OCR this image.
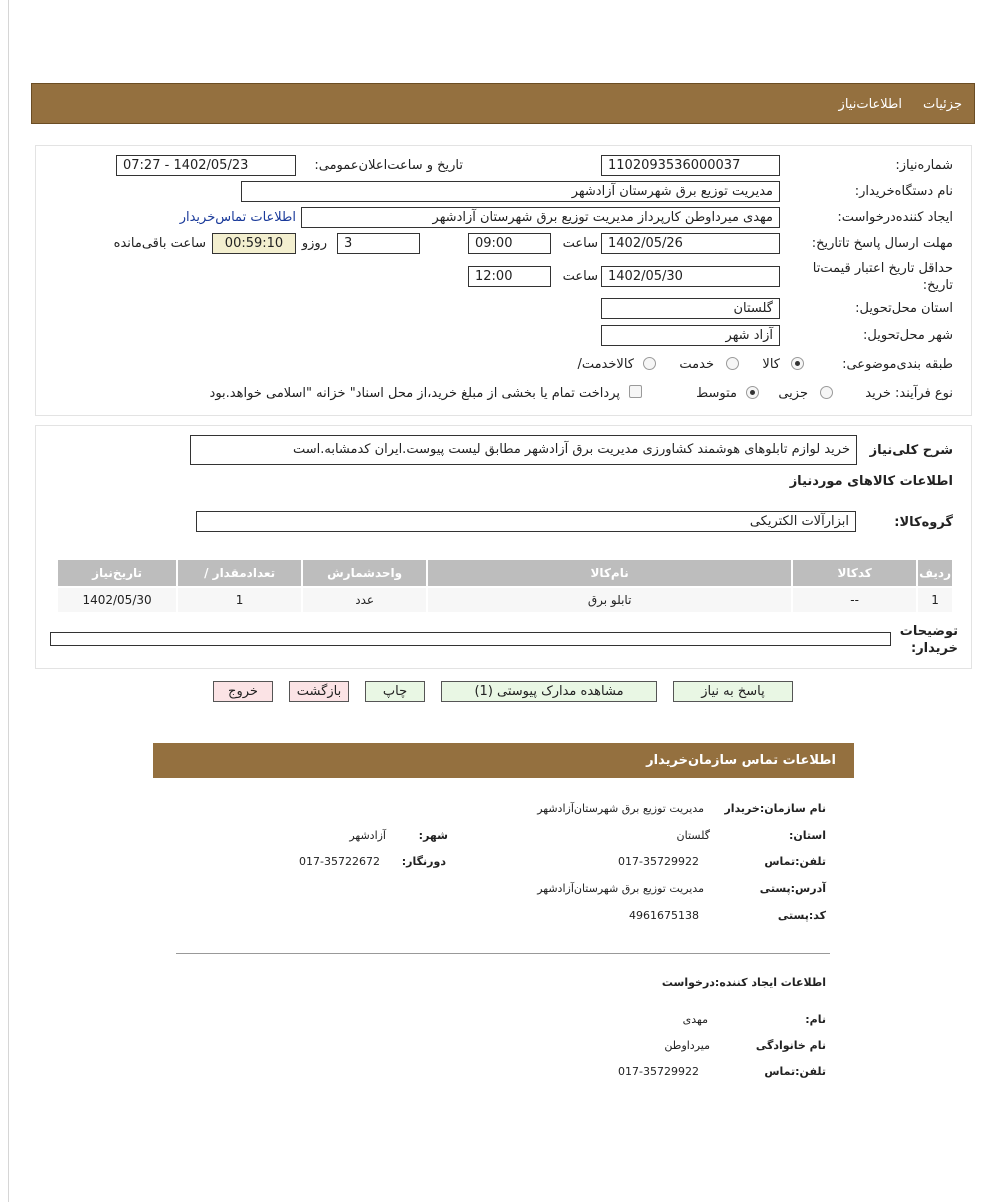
جزئیات
اطلاعات‌نیاز
شماره‌نیاز:
1102093536000037
تاریخ و ساعت‌اعلان‌عمومی:
1402/05/23 - 07:27
نام دستگاه‌خریدار:
مدیریت توزیع برق شهرستان آزادشهر
ایجاد کننده‌درخواست:
مهدی میرداوطن کارپرداز مدیریت توزیع برق شهرستان آزادشهر
اطلاعات تماس‌خریدار
مهلت ارسال پاسخ تا‌تاریخ:
1402/05/26
ساعت
09:00
3
روزو
00:59:10
ساعت باقی‌مانده
حداقل تاریخ اعتبار قیمت‌تا
تاریخ:
1402/05/30
ساعت
12:00
استان محل‌تحویل:
گلستان
شهر محل‌تحویل:
آزاد شهر
طبقه بندی‌موضوعی:
کالا
خدمت
کالا‌خدمت/
نوع فرآیند: خرید
جزیی
متوسط
پرداخت تمام یا بخشی از مبلغ خرید،از محل اسناد" خزانه "اسلامی خواهد.بود
شرح کلی‌نیاز
خرید لوازم تابلوهای هوشمند کشاورزی مدیریت برق آزادشهر مطابق لیست پیوست.ایران کدمشابه.است
اطلاعات کالاهای مورد‌نیاز
گروه‌کالا:
ابزارآلات الکتریکی
ردیف	کدکالا	نام‌کالا	واحدشمارش	تعدادمقدار /	تاریخ‌نیاز
1	--	تابلو برق	عدد	1	1402/05/30
توضیحات
خریدار:
پاسخ به نیاز
مشاهده مدارک پیوستی (1)
چاپ
بازگشت
خروج
اطلاعات تماس سازمان‌خریدار
نام سازمان:خریدار
مدیریت توزیع برق شهرستان‌آزادشهر
استان:
گلستان
شهر:
آزادشهر
تلفن:تماس
017-35729922
دورنگار:
017-35722672
آدرس:پستی
مدیریت توزیع برق شهرستان‌آزادشهر
کد:پستی
4961675138
اطلاعات ایجاد کننده:درخواست
نام:
مهدی
نام خانوادگی
میرداوطن
تلفن:تماس
017-35729922
